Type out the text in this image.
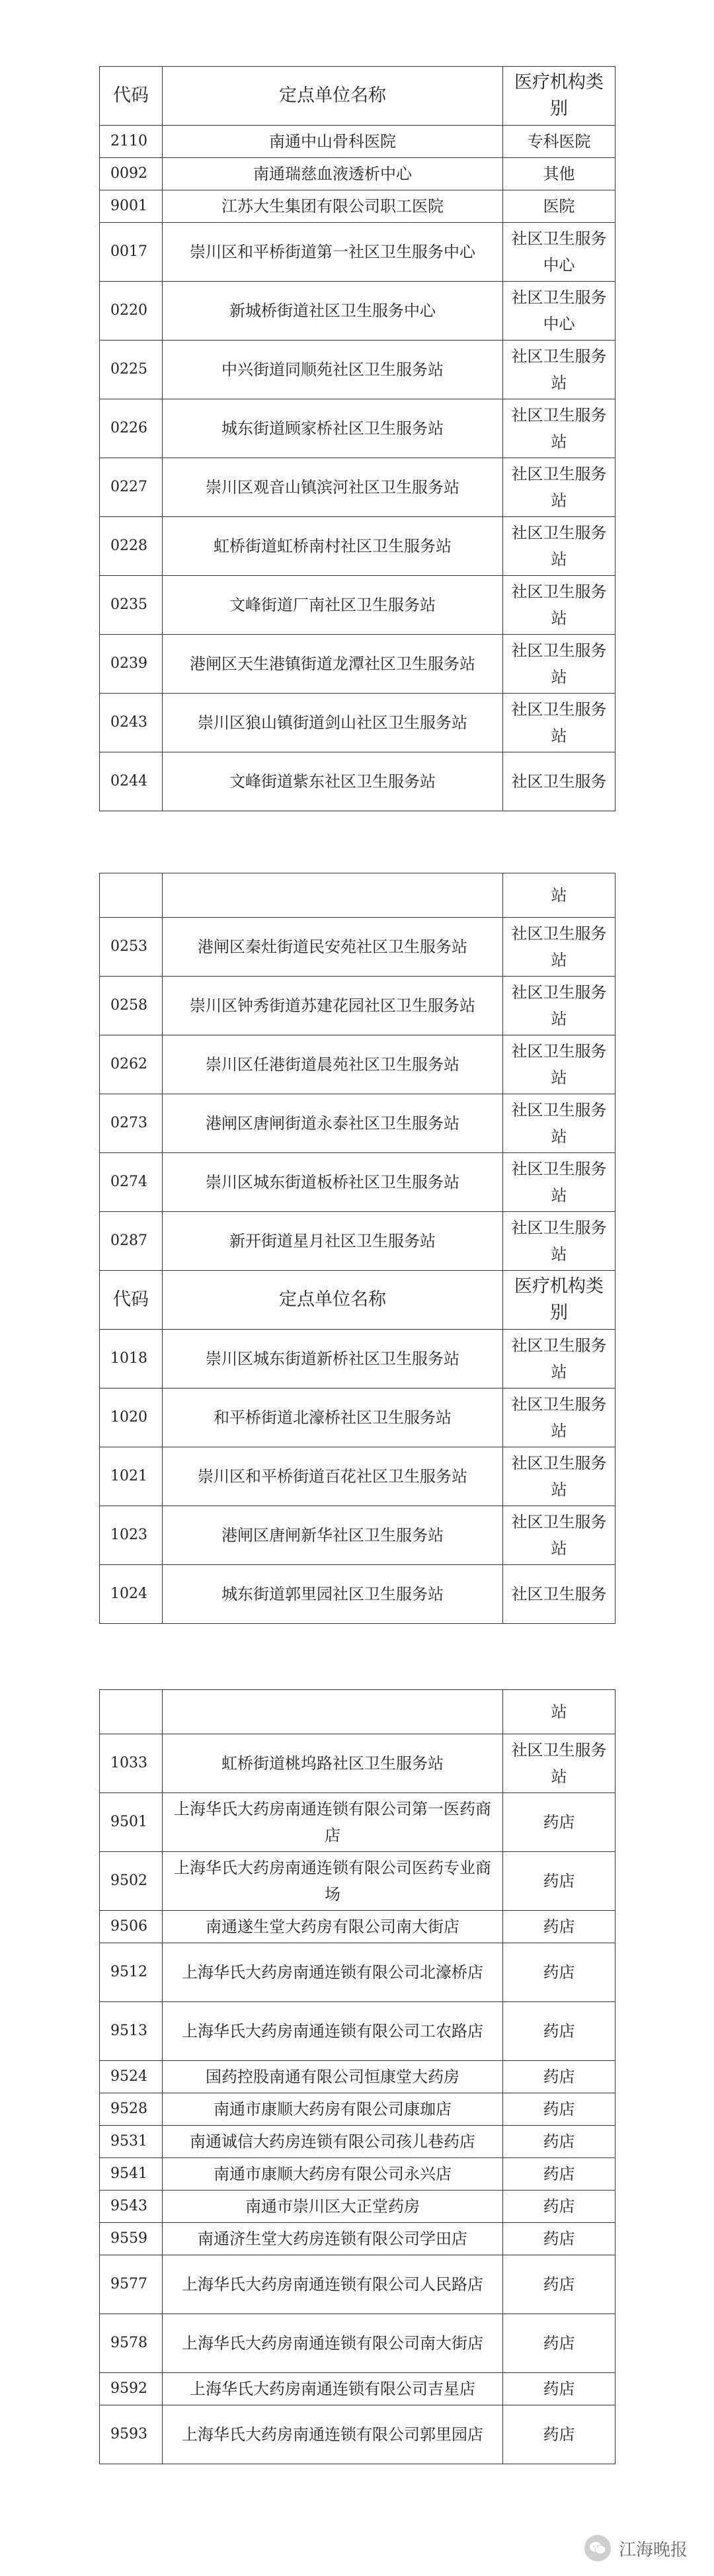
代码	定点单位名称	医疗机构类别
2110	南通中山骨科医院	专科医院
0092	南通瑞慈血液透析中心	其他
9001	江苏大生集团有限公司职工医院	医院
0017	崇川区和平桥街道第一社区卫生服务中心	社区卫生服务中心
0220	新城桥街道社区卫生服务中心	社区卫生服务中心
0225	中兴街道同顺苑社区卫生服务站	社区卫生服务站
0226	城东街道顾家桥社区卫生服务站	社区卫生服务站
0227	崇川区观音山镇滨河社区卫生服务站	社区卫生服务站
0228	虹桥街道虹桥南村社区卫生服务站	社区卫生服务站
0235	文峰街道厂南社区卫生服务站	社区卫生服务站
0239	港闸区天生港镇街道龙潭社区卫生服务站	社区卫生服务站
0243	崇川区狼山镇街道剑山社区卫生服务站	社区卫生服务站
0244	文峰街道紫东社区卫生服务站	社区卫生服务
		站
0253	港闸区秦灶街道民安苑社区卫生服务站	社区卫生服务站
0258	崇川区钟秀街道苏建花园社区卫生服务站	社区卫生服务站
0262	崇川区任港街道晨苑社区卫生服务站	社区卫生服务站
0273	港闸区唐闸街道永泰社区卫生服务站	社区卫生服务站
0274	崇川区城东街道板桥社区卫生服务站	社区卫生服务站
0287	新开街道星月社区卫生服务站	社区卫生服务站
代码	定点单位名称	医疗机构类别
1018	崇川区城东街道新桥社区卫生服务站	社区卫生服务站
1020	和平桥街道北濠桥社区卫生服务站	社区卫生服务站
1021	崇川区和平桥街道百花社区卫生服务站	社区卫生服务站
1023	港闸区唐闸新华社区卫生服务站	社区卫生服务站
1024	城东街道郭里园社区卫生服务站	社区卫生服务
		站
1033	虹桥街道桃坞路社区卫生服务站	社区卫生服务站
9501	上海华氏大药房南通连锁有限公司第一医药商店	药店
9502	上海华氏大药房南通连锁有限公司医药专业商场	药店
9506	南通遂生堂大药房有限公司南大街店	药店
9512	上海华氏大药房南通连锁有限公司北濠桥店	药店
9513	上海华氏大药房南通连锁有限公司工农路店	药店
9524	国药控股南通有限公司恒康堂大药房	药店
9528	南通市康顺大药房有限公司康珈店	药店
9531	南通诚信大药房连锁有限公司孩儿巷药店	药店
9541	南通市康顺大药房有限公司永兴店	药店
9543	南通市崇川区大正堂药房	药店
9559	南通济生堂大药房连锁有限公司学田店	药店
9577	上海华氏大药房南通连锁有限公司人民路店	药店
9578	上海华氏大药房南通连锁有限公司南大街店	药店
9592	上海华氏大药房南通连锁有限公司吉星店	药店
9593	上海华氏大药房南通连锁有限公司郭里园店	药店
江海晚报
